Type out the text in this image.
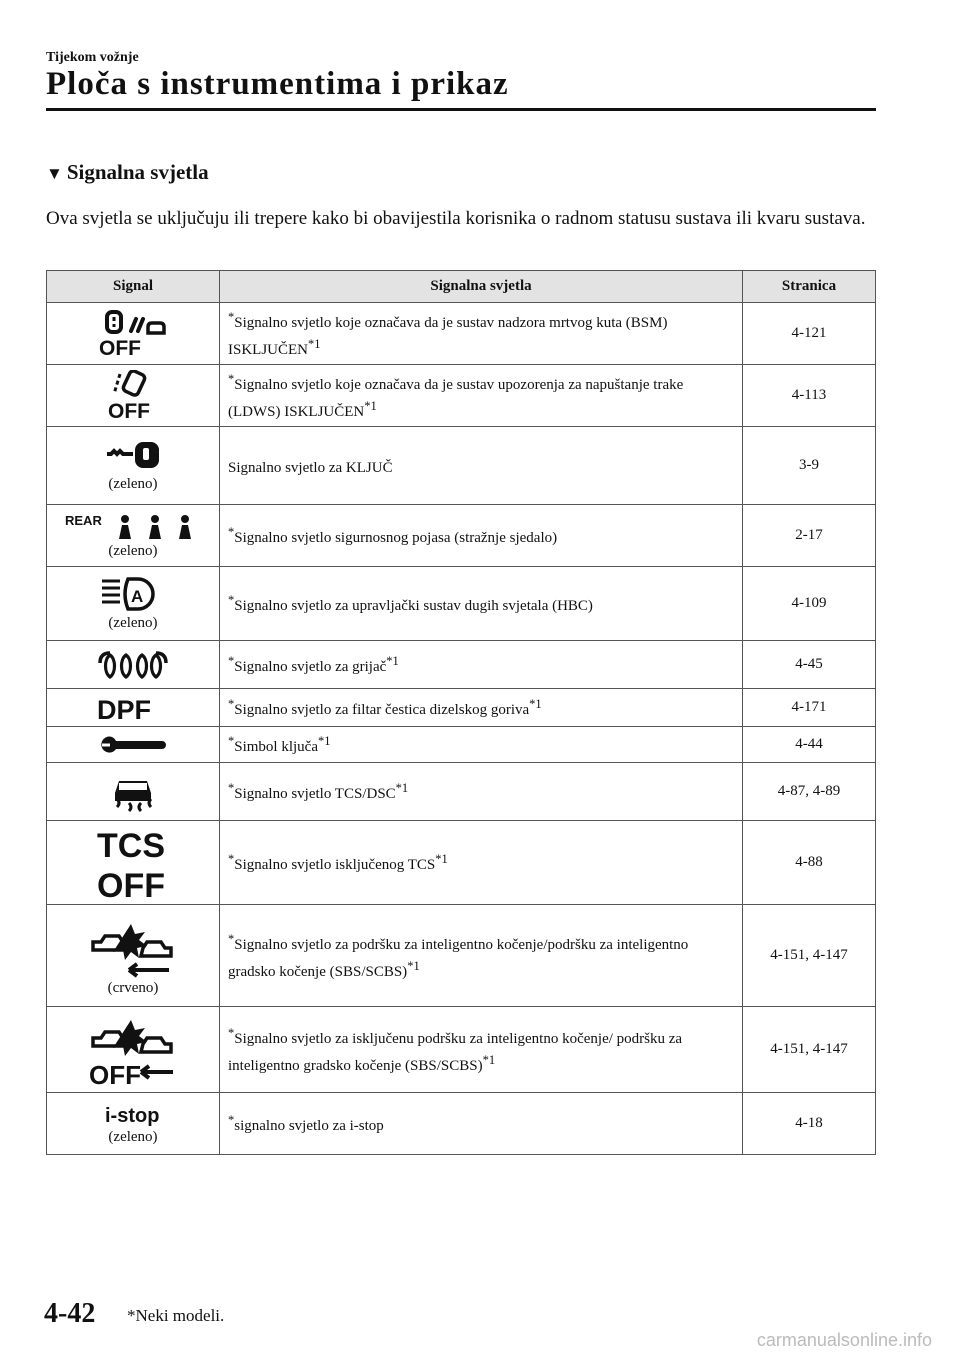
Tijekom vožnje
Ploča s instrumentima i prikaz
▼ Signalna svjetla
Ova svjetla se uključuju ili trepere kako bi obavijestila korisnika o radnom statusu sustava ili kvaru sustava.
Signal	Signalna svjetla	Stranica

OFF	*Signalno svjetlo koje označava da je sustav nadzora mrtvog kuta (BSM) ISKLJUČEN$^{*1}$	4-121

OFF	*Signalno svjetlo koje označava da je sustav upozorenja za napuštanje trake (LDWS) ISKLJUČEN$^{*1}$	4-113

(zeleno)	Signalno svjetlo za KLJUČ	3-9

REAR
(zeleno)	*Signalno svjetlo sigurnosnog pojasa (stražnje sjedalo)	2-17

A
(zeleno)	*Signalno svjetlo za upravljački sustav dugih svjetala (HBC)	4-109

	*Signalno svjetlo za grijač$^{*1}$	4-45

DPF	*Signalno svjetlo za filtar čestica dizelskog goriva$^{*1}$	4-171

	*Simbol ključa$^{*1}$	4-44

	*Signalno svjetlo TCS/DSC$^{*1}$	4-87, 4-89

TCS
OFF	*Signalno svjetlo isključenog TCS$^{*1}$	4-88

(crveno)	*Signalno svjetlo za podršku za inteligentno kočenje/podršku za inteligentno gradsko kočenje (SBS/SCBS)$^{*1}$	4-151, 4-147

OFF	*Signalno svjetlo za isključenu podršku za inteligentno kočenje/ podršku za inteligentno gradsko kočenje (SBS/SCBS)$^{*1}$	4-151, 4-147

i-stop
(zeleno)	*signalno svjetlo za i-stop	4-18
4-42 *Neki modeli.
carmanualsonline.info
